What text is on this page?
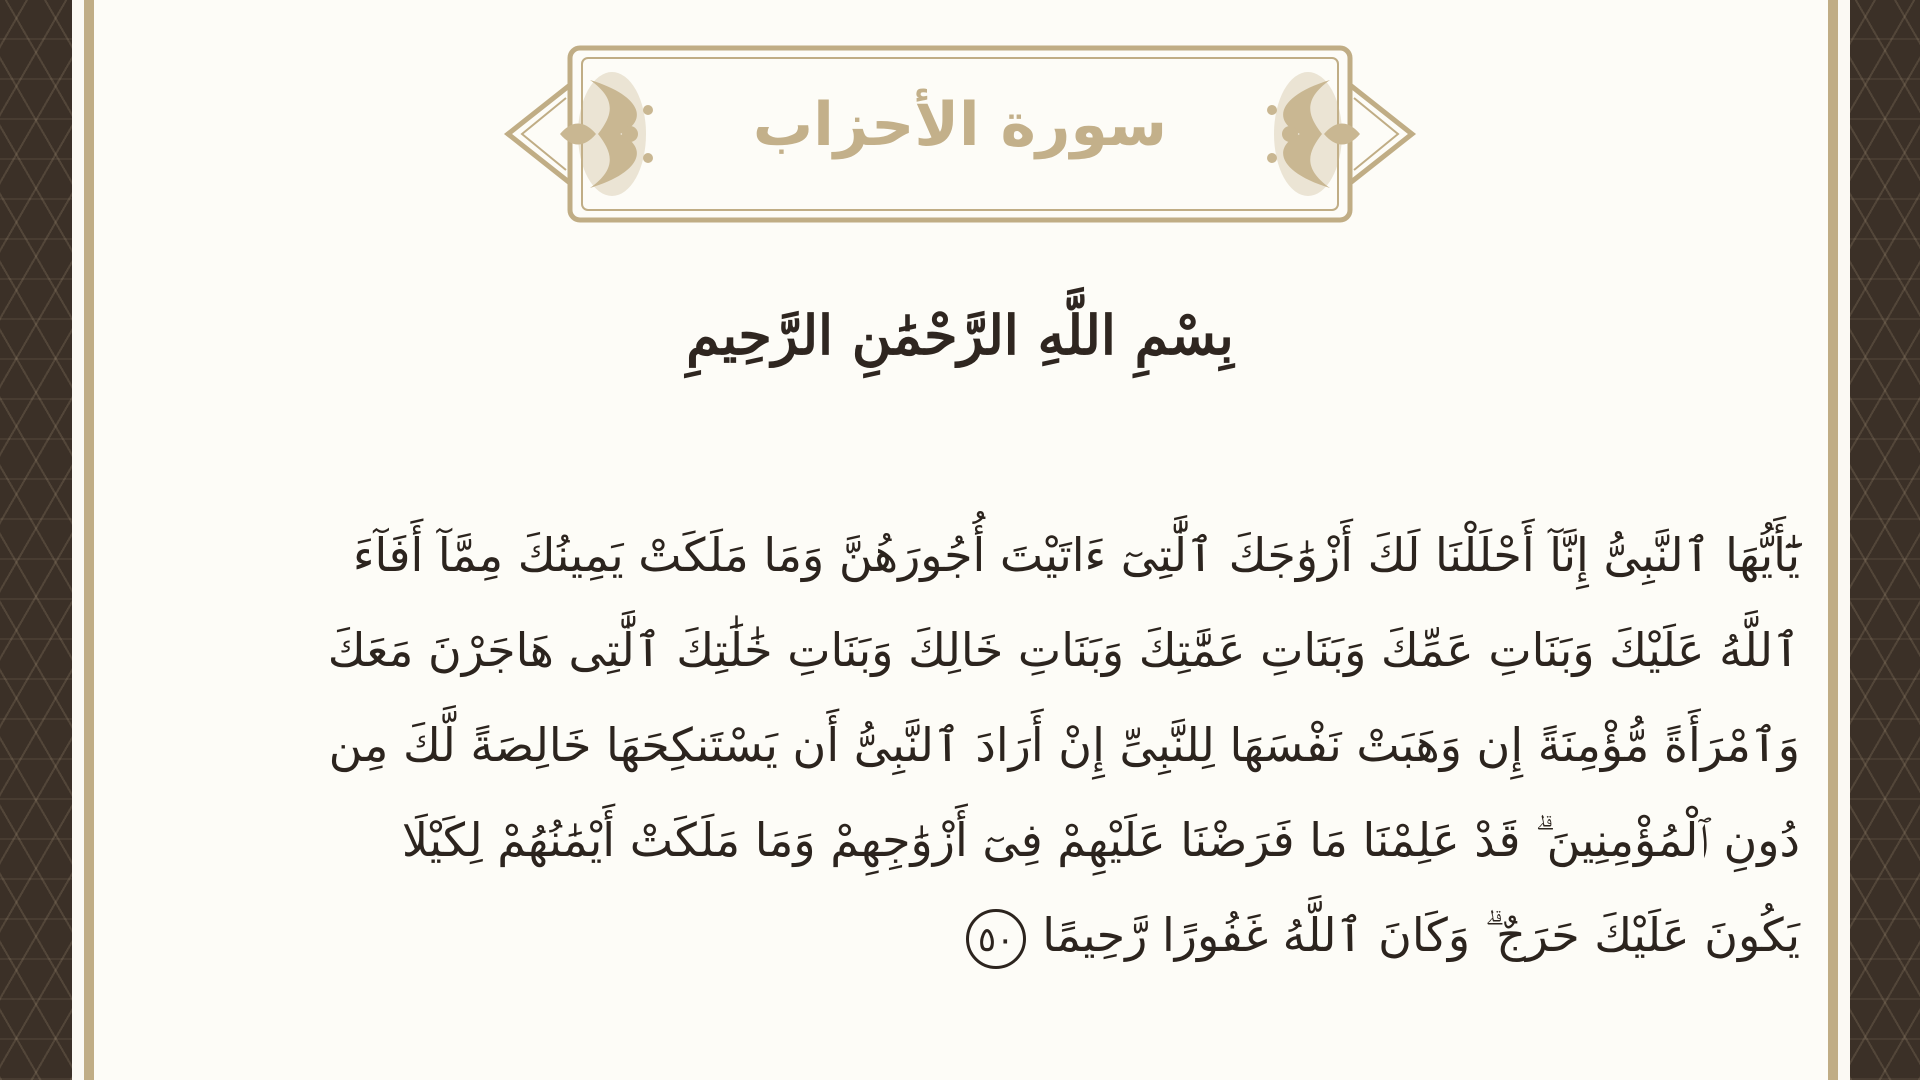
سورة الأحزاب
بِسْمِ اللَّهِ الرَّحْمَٰنِ الرَّحِيمِ
يَٰٓأَيُّهَا ٱلنَّبِىُّ إِنَّآ أَحْلَلْنَا لَكَ أَزْوَٰجَكَ ٱلَّٰتِىٓ ءَاتَيْتَ أُجُورَهُنَّ وَمَا مَلَكَتْ يَمِينُكَ مِمَّآ أَفَآءَ
ٱللَّهُ عَلَيْكَ وَبَنَاتِ عَمِّكَ وَبَنَاتِ عَمَّٰتِكَ وَبَنَاتِ خَالِكَ وَبَنَاتِ خَٰلَٰتِكَ ٱلَّٰتِى هَاجَرْنَ مَعَكَ
وَٱمْرَأَةً مُّؤْمِنَةً إِن وَهَبَتْ نَفْسَهَا لِلنَّبِىِّ إِنْ أَرَادَ ٱلنَّبِىُّ أَن يَسْتَنكِحَهَا خَالِصَةً لَّكَ مِن
دُونِ ٱلْمُؤْمِنِينَ ۗ قَدْ عَلِمْنَا مَا فَرَضْنَا عَلَيْهِمْ فِىٓ أَزْوَٰجِهِمْ وَمَا مَلَكَتْ أَيْمَٰنُهُمْ لِكَيْلَا
يَكُونَ عَلَيْكَ حَرَجٌ ۗ وَكَانَ ٱللَّهُ غَفُورًا رَّحِيمًا٥٠
